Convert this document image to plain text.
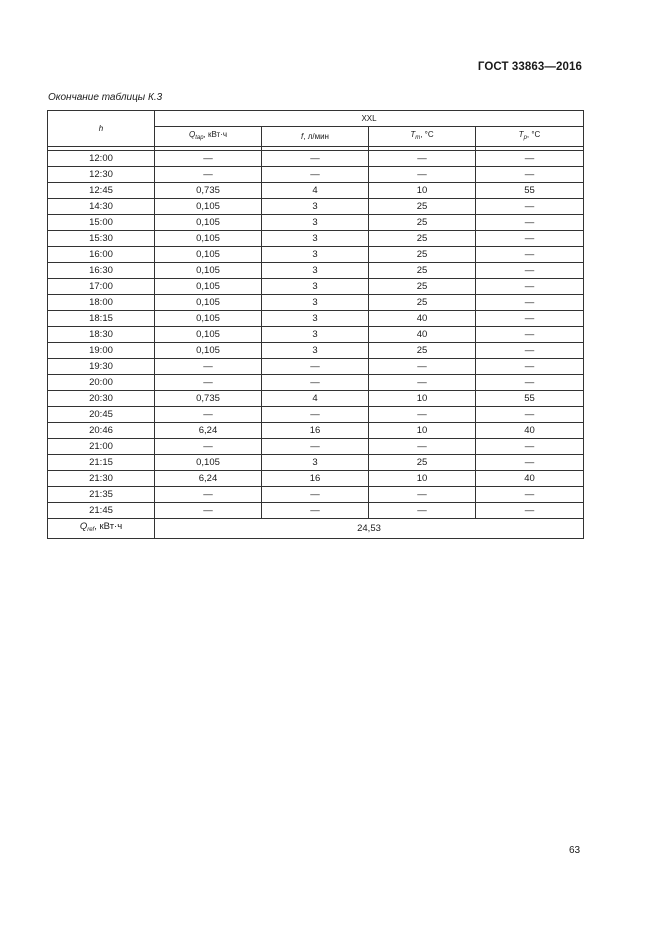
ГОСТ 33863—2016
Окончание таблицы К.3
h	XXL			
	$Q_{tap}$, кВт·ч	f, л/мин	$T_m$, °C	$T_p$, °C

12:00	—	—	—	—
12:30	—	—	—	—
12:45	0,735	4	10	55
14:30	0,105	3	25	—
15:00	0,105	3	25	—
15:30	0,105	3	25	—
16:00	0,105	3	25	—
16:30	0,105	3	25	—
17:00	0,105	3	25	—
18:00	0,105	3	25	—
18:15	0,105	3	40	—
18:30	0,105	3	40	—
19:00	0,105	3	25	—
19:30	—	—	—	—
20:00	—	—	—	—
20:30	0,735	4	10	55
20:45	—	—	—	—
20:46	6,24	16	10	40
21:00	—	—	—	—
21:15	0,105	3	25	—
21:30	6,24	16	10	40
21:35	—	—	—	—
21:45	—	—	—	—
$Q_{ref}$, кВт·ч	24,53			
63
